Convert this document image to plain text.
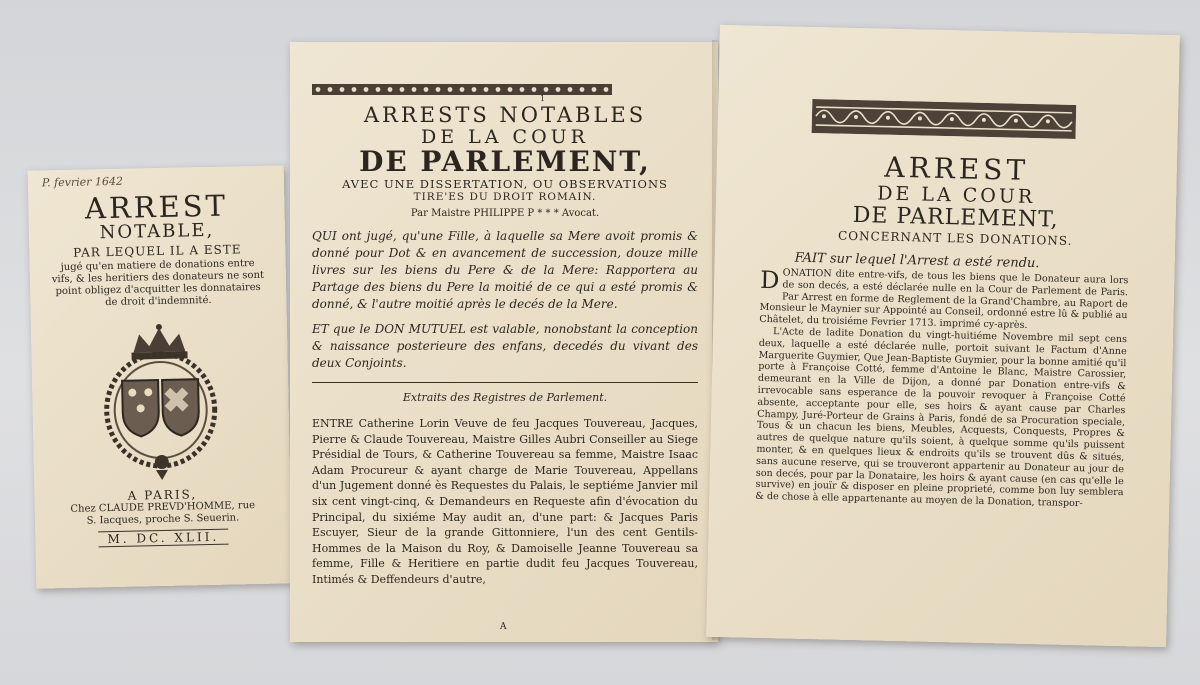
P. fevrier 1642
ARREST
NOTABLE,
PAR LEQUEL IL A ESTE
jugé qu'en matiere de donations entre vifs, & les heritiers des donateurs ne sont point obligez d'acquitter les donnataires de droit d'indemnité.
A PARIS,
Chez CLAUDE PREVD'HOMME, rue
S. Iacques, proche S. Seuerin.
M. DC. XLII.
1
ARRESTS NOTABLES
DE LA COUR
DE PARLEMENT,
AVEC UNE DISSERTATION, OU OBSERVATIONS
TIRE'ES DU DROIT ROMAIN.
Par Maistre PHILIPPE P * * * Avocat.

QUI ont jugé, qu'une Fille, à laquelle sa Mere avoit promis & donné pour Dot & en avancement de succession, douze mille livres sur les biens du Pere & de la Mere: Rapportera au Partage des biens du Pere la moitié de ce qui a esté promis & donné, & l'autre moitié après le decés de la Mere.

ET que le DON MUTUEL est valable, nonobstant la conception & naissance posterieure des enfans, decedés du vivant des deux Conjoints.

Extraits des Registres de Parlement.

ENTRE Catherine Lorin Veuve de feu Jacques Touvereau, Jacques, Pierre & Claude Touvereau, Maistre Gilles Aubri Conseiller au Siege Présidial de Tours, & Catherine Touvereau sa femme, Maistre Isaac Adam Procureur & ayant charge de Marie Touvereau, Appellans d'un Jugement donné ès Requestes du Palais, le septiéme Janvier mil six cent vingt-cinq, & Demandeurs en Requeste afin d'évocation du Principal, du sixiéme May audit an, d'une part: & Jacques Paris Escuyer, Sieur de la grande Gittonniere, l'un des cent Gentils-Hommes de la Maison du Roy, & Damoiselle Jeanne Touvereau sa femme, Fille & Heritiere en partie dudit feu Jacques Touvereau, Intimés & Deffendeurs d'autre,

A
ARREST
DE LA COUR
DE PARLEMENT,
CONCERNANT LES DONATIONS.
FAIT sur lequel l'Arrest a esté rendu.

DONATION dite entre-vifs, de tous les biens que le Donateur aura lors de son decés, a esté déclarée nulle en la Cour de Parlement de Paris. Par Arrest en forme de Reglement de la Grand'Chambre, au Raport de Monsieur le Maynier sur Appointé au Conseil, ordonné estre lû & publié au Châtelet, du troisiéme Fevrier 1713. imprimé cy-après.

L'Acte de ladite Donation du vingt-huitiéme Novembre mil sept cens deux, laquelle a esté déclarée nulle, portoit suivant le Factum d'Anne Marguerite Guymier, Que Jean-Baptiste Guymier, pour la bonne amitié qu'il porte à Françoise Cotté, femme d'Antoine le Blanc, Maistre Carossier, demeurant en la Ville de Dijon, a donné par Donation entre-vifs & irrevocable sans esperance de la pouvoir revoquer à Françoise Cotté absente, acceptante pour elle, ses hoirs & ayant cause par Charles Champy, Juré-Porteur de Grains à Paris, fondé de sa Procuration speciale, Tous & un chacun les biens, Meubles, Acquests, Conquests, Propres & autres de quelque nature qu'ils soient, à quelque somme qu'ils puissent monter, & en quelques lieux & endroits qu'ils se trouvent dûs & situés, sans aucune reserve, qui se trouveront appartenir au Donateur au jour de son decés, pour par la Donataire, les hoirs & ayant cause (en cas qu'elle le survive) en jouïr & disposer en pleine proprieté, comme bon luy semblera & de chose à elle appartenante au moyen de la Donation, transpor-
